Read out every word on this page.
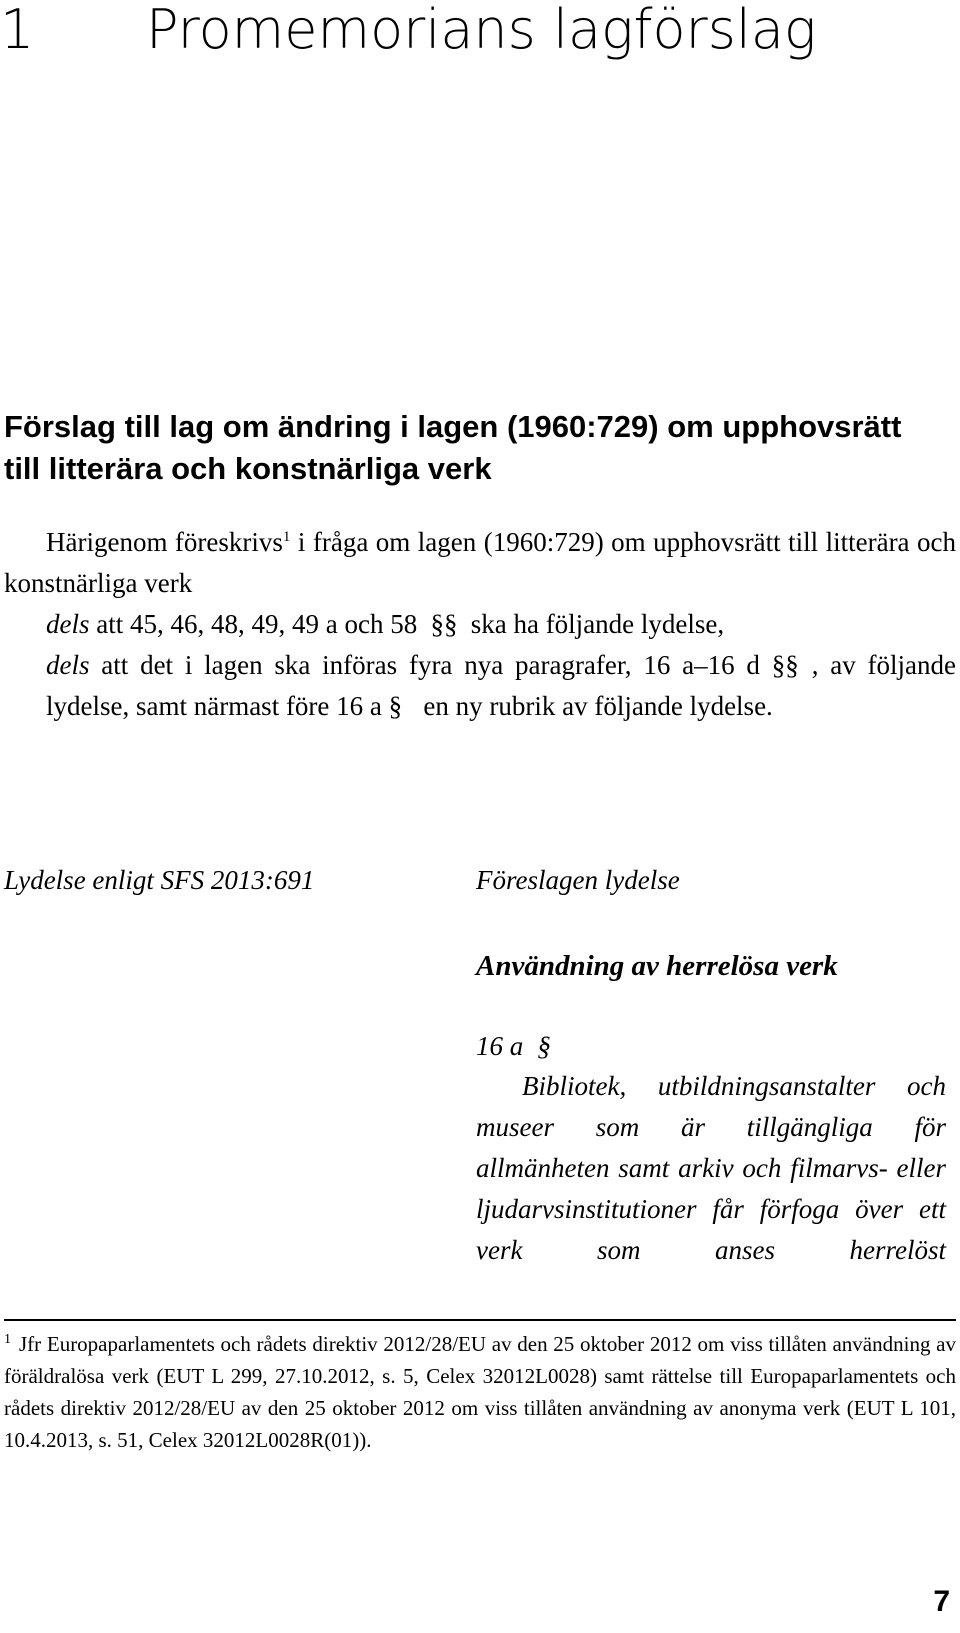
1 Promemorians lagförslag
Förslag till lag om ändring i lagen (1960:729) om upphovsrätt till litterära och konstnärliga verk
Härigenom föreskrivs$^1$ i fråga om lagen (1960:729) om upphovsrätt till litterära och konstnärliga verk
dels att 45, 46, 48, 49, 49 a och 58 §§ ska ha följande lydelse,
dels att det i lagen ska införas fyra nya paragrafer, 16 a–16 d §§ , av följande lydelse, samt närmast före 16 a § en ny rubrik av följande lydelse.
Lydelse enligt SFS 2013:691	Föreslagen lydelse
Användning av herrelösa verk
16 a §
Bibliotek, utbildningsanstalter och museer som är tillgängliga för allmänheten samt arkiv och filmarvs- eller ljudarvsinstitutioner får förfoga över ett verk som anses herrelöst
$^1$ Jfr Europaparlamentets och rådets direktiv 2012/28/EU av den 25 oktober 2012 om viss tillåten användning av föräldralösa verk (EUT L 299, 27.10.2012, s. 5, Celex 32012L0028) samt rättelse till Europaparlamentets och rådets direktiv 2012/28/EU av den 25 oktober 2012 om viss tillåten användning av anonyma verk (EUT L 101, 10.4.2013, s. 51, Celex 32012L0028R(01)).
7
